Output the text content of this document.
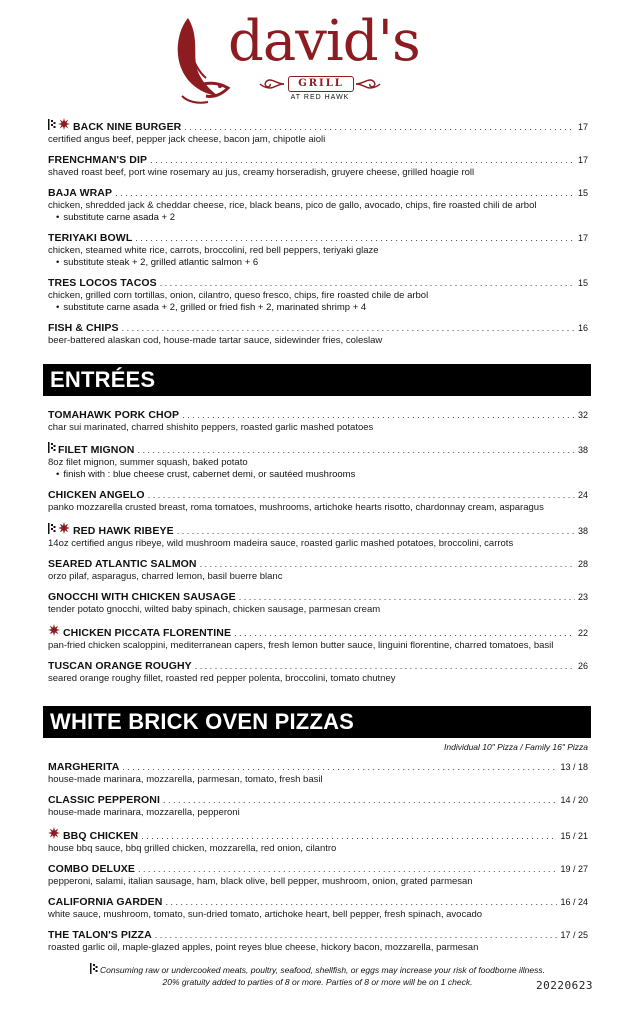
david's
GRILL
AT RED HAWK
BACK NINE BURGER . . .	17
certified angus beef, pepper jack cheese, bacon jam, chipotle aioli
FRENCHMAN'S DIP . . .	17
shaved roast beef, port wine rosemary au jus, creamy horseradish, gruyere cheese, grilled hoagie roll
BAJA WRAP . . .	15
chicken, shredded jack & cheddar cheese, rice, black beans, pico de gallo, avocado, chips, fire roasted chili de arbol
• substitute carne asada + 2
TERIYAKI BOWL . . .	17
chicken, steamed white rice, carrots, broccolini, red bell peppers, teriyaki glaze
• substitute steak + 2, grilled atlantic salmon + 6
TRES LOCOS TACOS . . .	15
chicken, grilled corn tortillas, onion, cilantro, queso fresco, chips, fire roasted chile de arbol
• substitute carne asada + 2, grilled or fried fish + 2, marinated shrimp + 4
FISH & CHIPS . . .	16
beer-battered alaskan cod, house-made tartar sauce, sidewinder fries, coleslaw
ENTRÉES
TOMAHAWK PORK CHOP . . .	32
char sui marinated, charred shishito peppers, roasted garlic mashed potatoes
FILET MIGNON . . .	38
8oz filet mignon, summer squash, baked potato
• finish with : blue cheese crust, cabernet demi, or sautéed mushrooms
CHICKEN ANGELO . . .	24
panko mozzarella crusted breast, roma tomatoes, mushrooms, artichoke hearts risotto, chardonnay cream, asparagus
RED HAWK RIBEYE . . .	38
14oz certified angus ribeye, wild mushroom madeira sauce, roasted garlic mashed potatoes, broccolini, carrots
SEARED ATLANTIC SALMON . . .	28
orzo pilaf, asparagus, charred lemon, basil buerre blanc
GNOCCHI WITH CHICKEN SAUSAGE . . .	23
tender potato gnocchi, wilted baby spinach, chicken sausage, parmesan cream
CHICKEN PICCATA FLORENTINE . . .	22
pan-fried chicken scaloppini, mediterranean capers, fresh lemon butter sauce, linguini florentine, charred tomatoes, basil
TUSCAN ORANGE ROUGHY . . .	26
seared orange roughy fillet, roasted red pepper polenta, broccolini, tomato chutney
WHITE BRICK OVEN PIZZAS
Individual 10" Pizza / Family 16" Pizza
MARGHERITA . . .	13 / 18
house-made marinara, mozzarella, parmesan, tomato, fresh basil
CLASSIC PEPPERONI . . .	14 / 20
house-made marinara, mozzarella, pepperoni
BBQ CHICKEN . . .	15 / 21
house bbq sauce, bbq grilled chicken, mozzarella, red onion, cilantro
COMBO DELUXE . . .	19 / 27
pepperoni, salami, italian sausage, ham, black olive, bell pepper, mushroom, onion, grated parmesan
CALIFORNIA GARDEN . . .	16 / 24
white sauce, mushroom, tomato, sun-dried tomato, artichoke heart, bell pepper, fresh spinach, avocado
THE TALON'S PIZZA . . .	17 / 25
roasted garlic oil, maple-glazed apples, point reyes blue cheese, hickory bacon, mozzarella, parmesan
Consuming raw or undercooked meats, poultry, seafood, shellfish, or eggs may increase your risk of foodborne illness.
20% gratuity added to parties of 8 or more. Parties of 8 or more will be on 1 check.	20220623
